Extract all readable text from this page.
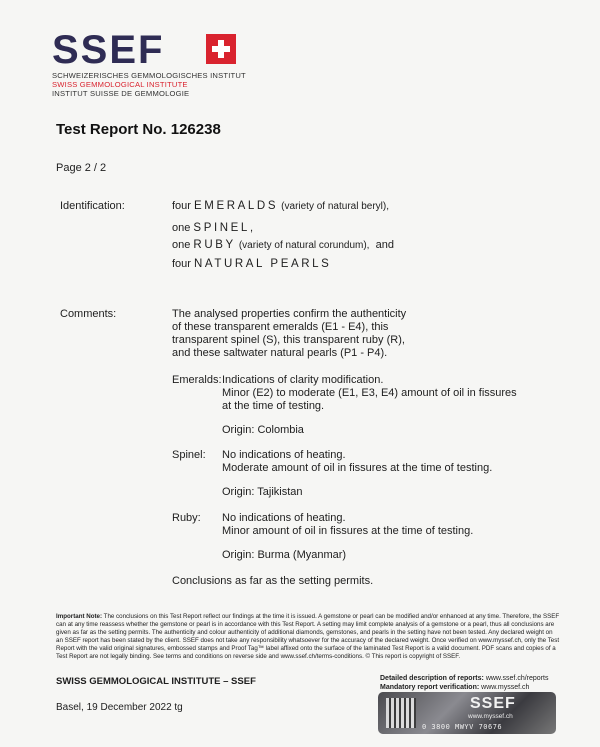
SSEF
SCHWEIZERISCHES GEMMOLOGISCHES INSTITUT
SWISS GEMMOLOGICAL INSTITUTE
INSTITUT SUISSE DE GEMMOLOGIE
Test Report No. 126238
Page 2 / 2
Identification:	four EMERALDS (variety of natural beryl),
one SPINEL,
one RUBY (variety of natural corundum), and
four NATURAL PEARLS
Comments:	The analysed properties confirm the authenticity
of these transparent emeralds (E1 - E4), this
transparent spinel (S), this transparent ruby (R),
and these saltwater natural pearls (P1 - P4).
Emeralds: Indications of clarity modification.
Minor (E2) to moderate (E1, E3, E4) amount of oil in fissures
at the time of testing.
Origin: Colombia
Spinel: No indications of heating.
Moderate amount of oil in fissures at the time of testing.
Origin: Tajikistan
Ruby: No indications of heating.
Minor amount of oil in fissures at the time of testing.
Origin: Burma (Myanmar)
Conclusions as far as the setting permits.
Important Note: The conclusions on this Test Report reflect our findings at the time it is issued. A gemstone or pearl can be modified and/or enhanced at any time. Therefore, the SSEF can at any time reassess whether the gemstone or pearl is in accordance with this Test Report. A setting may limit complete analysis of a gemstone or a pearl, thus all conclusions are given as far as the setting permits. The authenticity and colour authenticity of additional diamonds, gemstones, and pearls in the setting have not been tested. Any declared weight on an SSEF report has been stated by the client. SSEF does not take any responsibility whatsoever for the accuracy of the declared weight. Once verified on www.myssef.ch, only the Test Report with the valid original signatures, embossed stamps and Proof Tag™ label affixed onto the surface of the laminated Test Report is a valid document. PDF scans and copies of a Test Report are not legally binding. See terms and conditions on reverse side and www.ssef.ch/terms-conditions. © This report is copyright of SSEF.
SWISS GEMMOLOGICAL INSTITUTE – SSEF
Basel, 19 December 2022 tg
Detailed description of reports: www.ssef.ch/reports
Mandatory report verification: www.myssef.ch
SSEF
www.myssef.ch
0 3800 MWYV 70676
